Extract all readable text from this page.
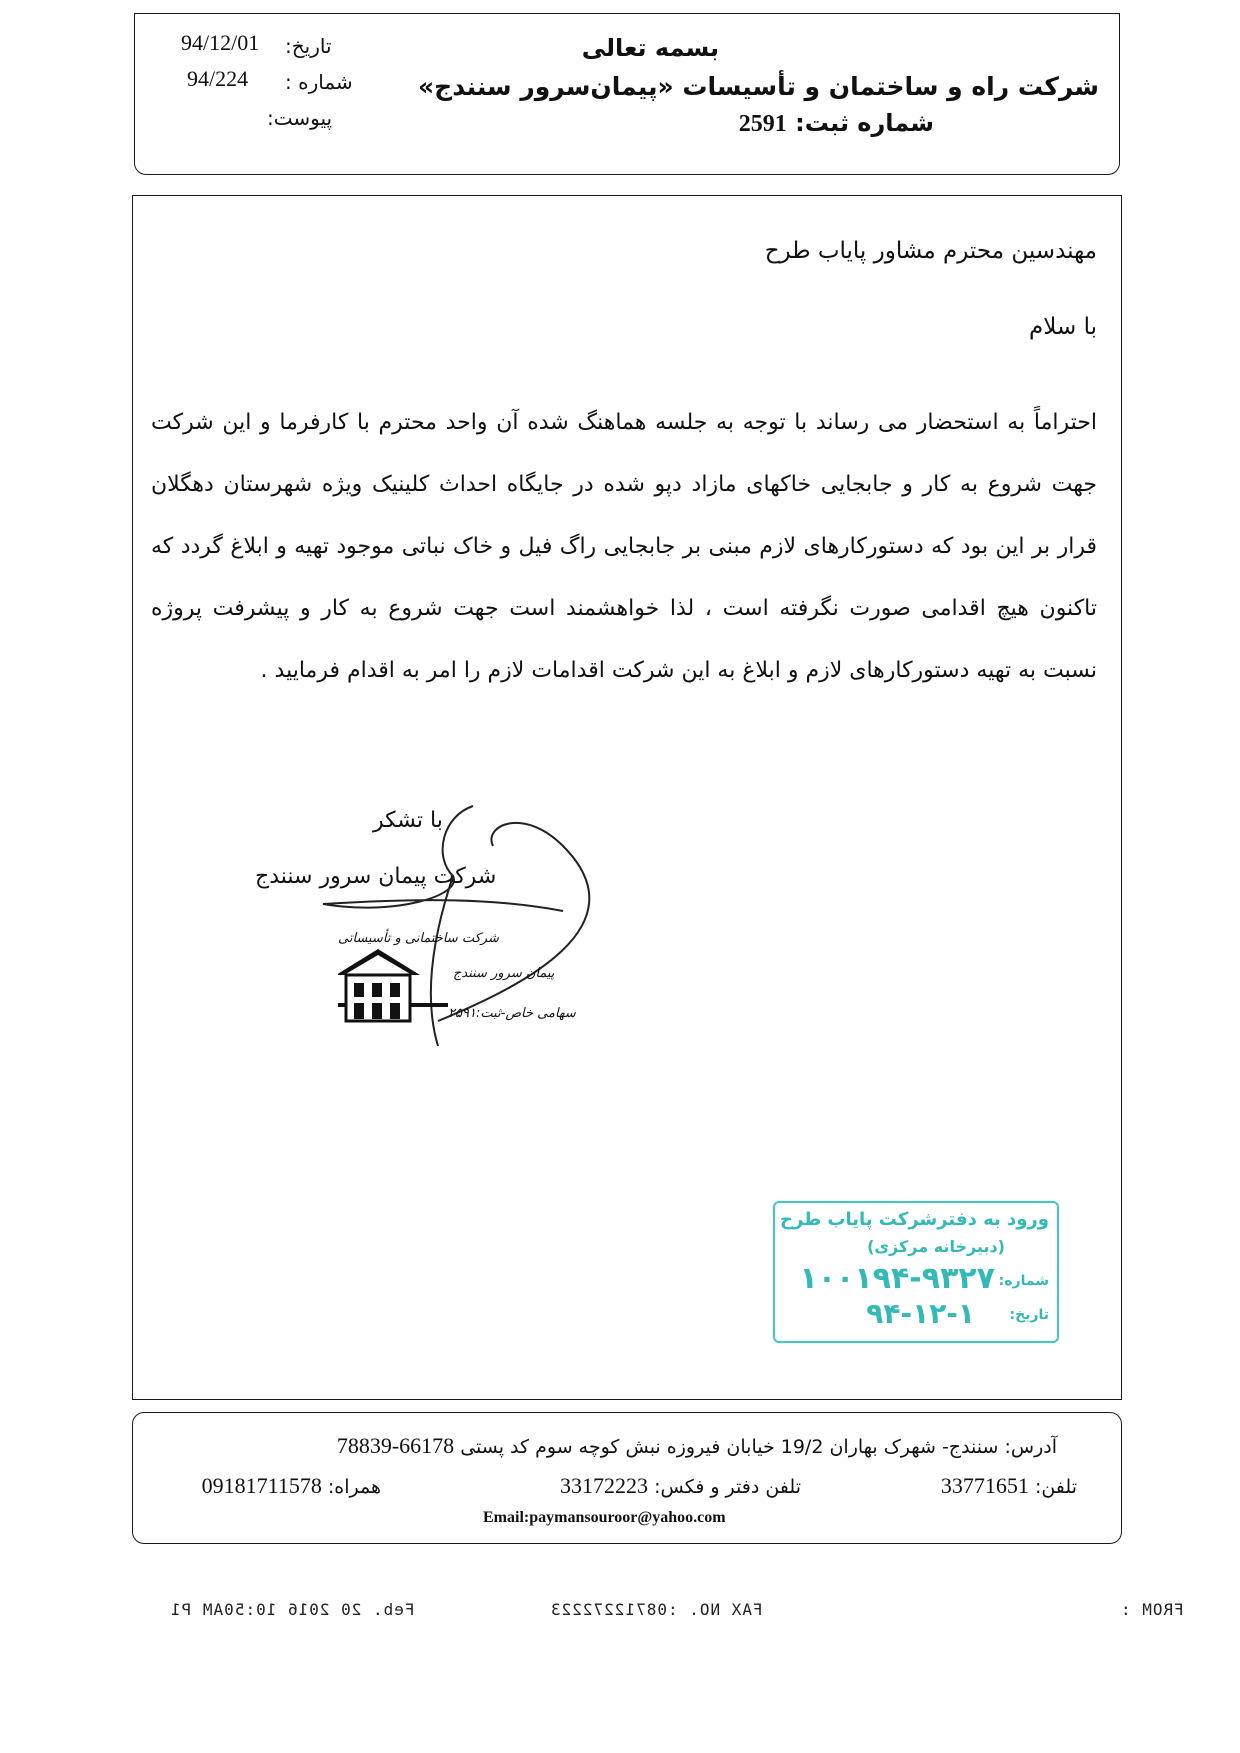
بسمه تعالی
شرکت راه و ساختمان و تأسیسات «پیمان‌سرور سنندج»
شماره ثبت: 2591
تاریخ:
94/12/01
شماره :
94/224
پیوست:
مهندسین محترم مشاور پایاب طرح
با سلام
احتراماً به استحضار می رساند با توجه به جلسه هماهنگ شده آن واحد محترم با کارفرما و این شرکت جهت شروع به کار و جابجایی خاکهای مازاد دپو شده در جایگاه احداث کلینیک ویژه شهرستان دهگلان قرار بر این بود که دستورکارهای لازم مبنی بر جابجایی راگ فیل و خاک نباتی موجود تهیه و ابلاغ گردد که تاکنون هیچ اقدامی صورت نگرفته است ، لذا خواهشمند است جهت شروع به کار و پیشرفت پروژه نسبت به تهیه دستورکارهای لازم و ابلاغ به این شرکت اقدامات لازم را امر به اقدام فرمایید .
با تشکر
شرکت پیمان سرور سنندج
شرکت ساختمانی و تأسیساتی
پیمان سرور سنندج
سهامی خاص-ثبت:۲۵۹۱
ورود به دفترشرکت پایاب طرح
(دبیرخانه مرکزی)
شماره:
۱۰۰۱۹۴-۹۳۲۷
تاریخ:
۹۴-۱۲-۱
آدرس: سنندج- شهرک بهاران 19/2 خیابان فیروزه نبش کوچه سوم کد پستی 66178-78839
تلفن: 33771651
تلفن دفتر و فکس: 33172223
همراه: 09181711578
Email:paymansouroor@yahoo.com
FROM :
FAX NO. :08712272223
Feb. 20 2016 10:50AM P1
